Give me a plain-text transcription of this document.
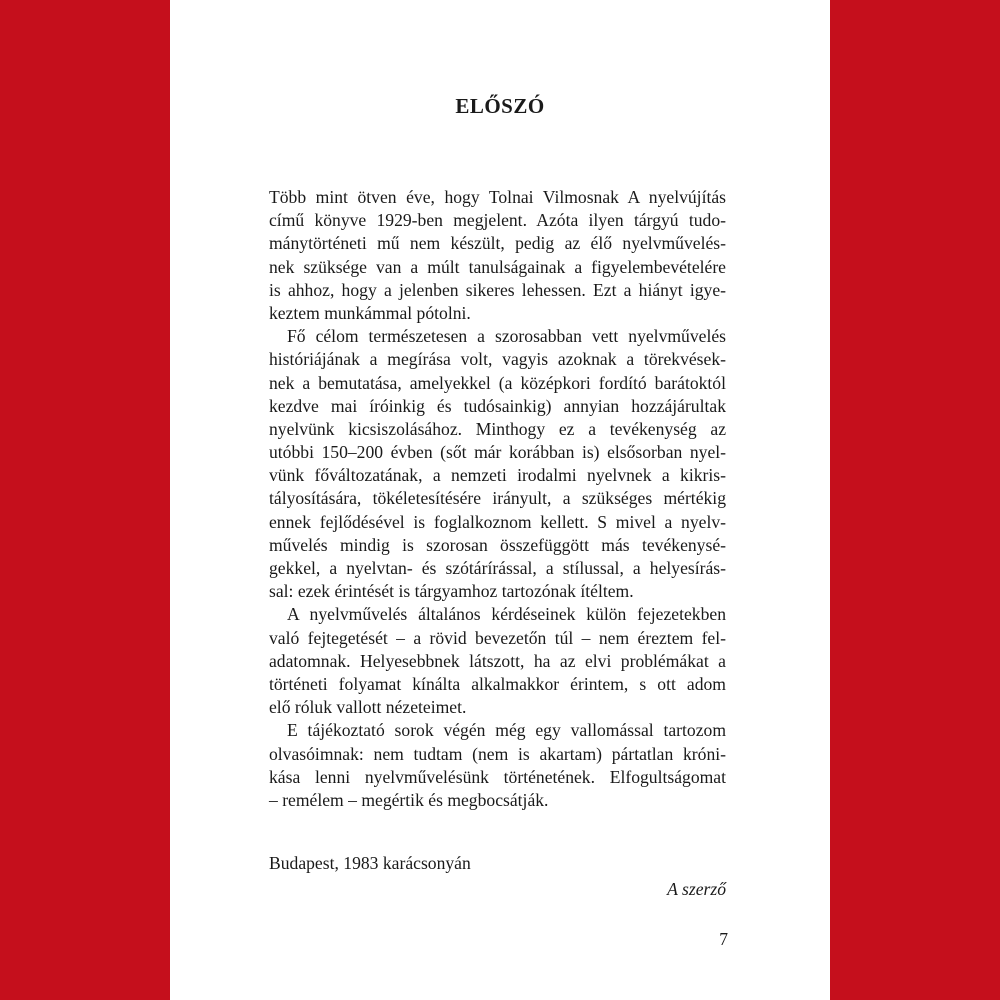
ELŐSZÓ
Több mint ötven éve, hogy Tolnai Vilmosnak A nyelvújítás
című könyve 1929-ben megjelent. Azóta ilyen tárgyú tudo-
mánytörténeti mű nem készült, pedig az élő nyelvművelés-
nek szüksége van a múlt tanulságainak a figyelembevételére
is ahhoz, hogy a jelenben sikeres lehessen. Ezt a hiányt igye-
keztem munkámmal pótolni.
Fő célom természetesen a szorosabban vett nyelvművelés
históriájának a megírása volt, vagyis azoknak a törekvések-
nek a bemutatása, amelyekkel (a középkori fordító barátoktól
kezdve mai íróinkig és tudósainkig) annyian hozzájárultak
nyelvünk kicsiszolásához. Minthogy ez a tevékenység az
utóbbi 150–200 évben (sőt már korábban is) elsősorban nyel-
vünk főváltozatának, a nemzeti irodalmi nyelvnek a kikris-
tályosítására, tökéletesítésére irányult, a szükséges mértékig
ennek fejlődésével is foglalkoznom kellett. S mivel a nyelv-
művelés mindig is szorosan összefüggött más tevékenysé-
gekkel, a nyelvtan- és szótárírással, a stílussal, a helyesírás-
sal: ezek érintését is tárgyamhoz tartozónak ítéltem.
A nyelvművelés általános kérdéseinek külön fejezetekben
való fejtegetését – a rövid bevezetőn túl – nem éreztem fel-
adatomnak. Helyesebbnek látszott, ha az elvi problémákat a
történeti folyamat kínálta alkalmakkor érintem, s ott adom
elő róluk vallott nézeteimet.
E tájékoztató sorok végén még egy vallomással tartozom
olvasóimnak: nem tudtam (nem is akartam) pártatlan króni-
kása lenni nyelvművelésünk történetének. Elfogultságomat
– remélem – megértik és megbocsátják.
Budapest, 1983 karácsonyán
A szerző
7
